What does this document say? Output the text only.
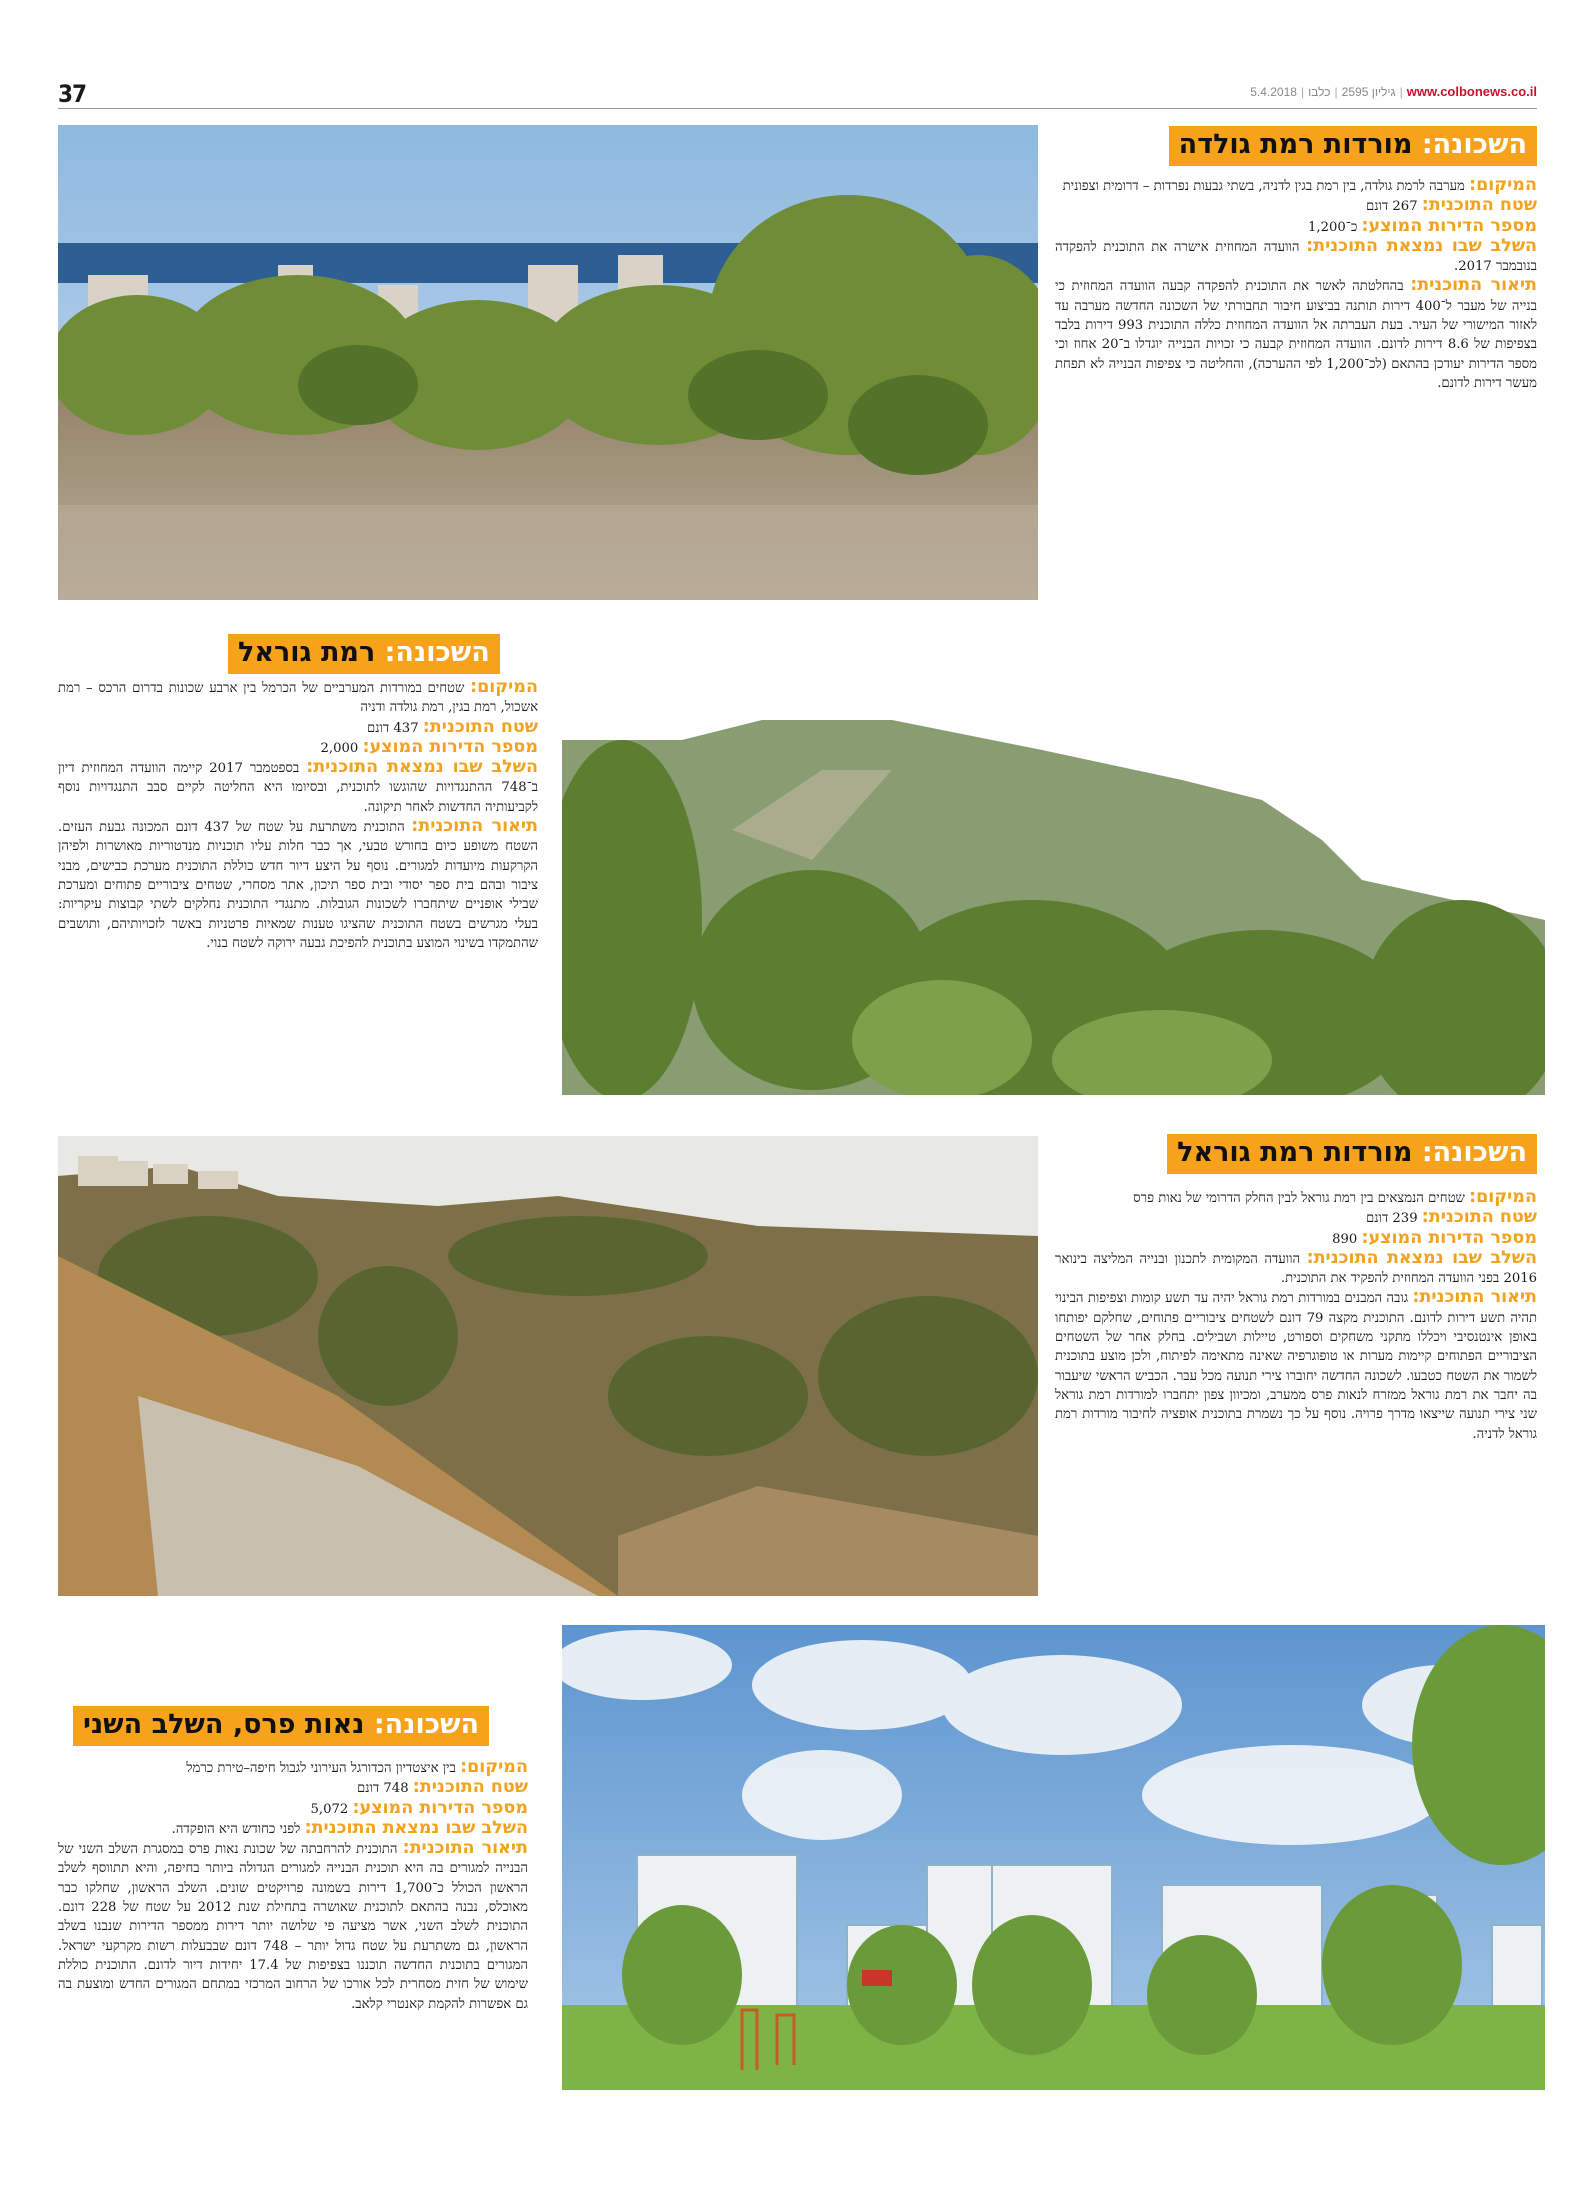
37	5.4.2018 |	גיליון 2595|כלבו	| www.colbonews.co.il
השכונה: מורדות רמת גולדה

המיקום: מערבה לרמת גולדה, בין רמת בגין לדניה, בשתי גבעות נפרדות – דרומית וצפונית

שטח התוכנית: 267 דונם

מספר הדירות המוצע: כ־1,200

השלב שבו נמצאת התוכנית: הוועדה המחוזית אישרה את התוכנית להפקדה בנובמבר 2017.

תיאור התוכנית: בהחלטתה לאשר את התוכנית להפקדה קבעה הוועדה המחוזית כי בנייה של מעבר ל־400 דירות תותנה בביצוע חיבור תחבורתי של השכונה החדשה מערבה עד לאזור המישורי של העיר. בעת העברתה אל הוועדה המחוזית כללה התוכנית 993 דירות בלבד בצפיפות של 8.6 דירות לדונם. הוועדה המחוזית קבעה כי זכויות הבנייה יוגדלו ב־20 אחוז וכי מספר הדירות יעודכן בהתאם (לכ־1,200 לפי ההערכה), והחליטה כי צפיפות הבנייה לא תפחת מעשר דירות לדונם.

השכונה: רמת גוראל

המיקום: שטחים במורדות המערביים של הכרמל בין ארבע שכונות בדרום הרכס – רמת אשכול, רמת בגין, רמת גולדה ודניה

שטח התוכנית: 437 דונם

מספר הדירות המוצע: 2,000

השלב שבו נמצאת התוכנית: בספטמבר 2017 קיימה הוועדה המחוזית דיון ב־748 ההתנגדויות שהוגשו לתוכנית, ובסיומו היא החליטה לקיים סבב התנגדויות נוסף לקביעותיה החדשות לאחר תיקונה.

תיאור התוכנית: התוכנית משתרעת על שטח של 437 דונם המכונה גבעת העזים. השטח משופע כיום בחורש טבעי, אך כבר חלות עליו תוכניות מנדטוריות מאושרות ולפיהן הקרקעות מיועדות למגורים. נוסף על היצע דיור חדש כוללת התוכנית מערכת כבישים, מבני ציבור ובהם בית ספר יסודי ובית ספר תיכון, אתר מסחרי, שטחים ציבוריים פתוחים ומערכת שבילי אופניים שיתחברו לשכונות הגובלות. מתנגדי התוכנית נחלקים לשתי קבוצות עיקריות: בעלי מגרשים בשטח התוכנית שהציגו טענות שמאיות פרטניות באשר לזכויותיהם, ותושבים שהתמקדו בשינוי המוצע בתוכנית להפיכת גבעה ירוקה לשטח בנוי.

השכונה: מורדות רמת גוראל

המיקום: שטחים הנמצאים בין רמת גוראל לבין החלק הדרומי של נאות פרס

שטח התוכנית: 239 דונם

מספר הדירות המוצע: 890

השלב שבו נמצאת התוכנית: הוועדה המקומית לתכנון ובנייה המליצה בינואר 2016 בפני הוועדה המחוזית להפקיד את התוכנית.

תיאור התוכנית: גובה המבנים במורדות רמת גוראל יהיה עד תשע קומות וצפיפות הבינוי תהיה תשע דירות לדונם. התוכנית מקצה 79 דונם לשטחים ציבוריים פתוחים, שחלקם יפותחו באופן אינטנסיבי ויכללו מתקני משחקים וספורט, טיילות ושבילים. בחלק אחר של השטחים הציבוריים הפתוחים קיימות מערות או טופוגרפיה שאינה מתאימה לפיתוח, ולכן מוצע בתוכנית לשמור את השטח כטבעו. לשכונה החדשה יחוברו צירי תנועה מכל עבר. הכביש הראשי שיעבור בה יחבר את רמת גוראל ממזרח לנאות פרס ממערב, ומכיוון צפון יתחברו למורדות רמת גוראל שני צירי תנועה שייצאו מדרך פרויה. נוסף על כך נשמרת בתוכנית אופציה לחיבור מורדות רמת גוראל לדניה.

השכונה: נאות פרס, השלב השני

המיקום: בין איצטדיון הכדורגל העירוני לגבול חיפה–טירת כרמל

שטח התוכנית: 748 דונם

מספר הדירות המוצע: 5,072

השלב שבו נמצאת התוכנית: לפני כחודש היא הופקדה.

תיאור התוכנית: התוכנית להרחבתה של שכונת נאות פרס במסגרת השלב השני של הבנייה למגורים בה היא תוכנית הבנייה למגורים הגדולה ביותר בחיפה, והיא תתווסף לשלב הראשון הכולל כ־1,700 דירות בשמונה פרויקטים שונים. השלב הראשון, שחלקו כבר מאוכלס, נבנה בהתאם לתוכנית שאושרה בתחילת שנת 2012 על שטח של 228 דונם. התוכנית לשלב השני, אשר מציעה פי שלושה יותר דירות ממספר הדירות שנבנו בשלב הראשון, גם משתרעת על שטח גדול יותר – 748 דונם שבבעלות רשות מקרקעי ישראל. המגורים בתוכנית החדשה תוכננו בצפיפות של 17.4 יחידות דיור לדונם. התוכנית כוללת שימוש של חזית מסחרית לכל אורכו של הרחוב המרכזי במתחם המגורים החדש ומוצעת בה גם אפשרות להקמת קאנטרי קלאב.
